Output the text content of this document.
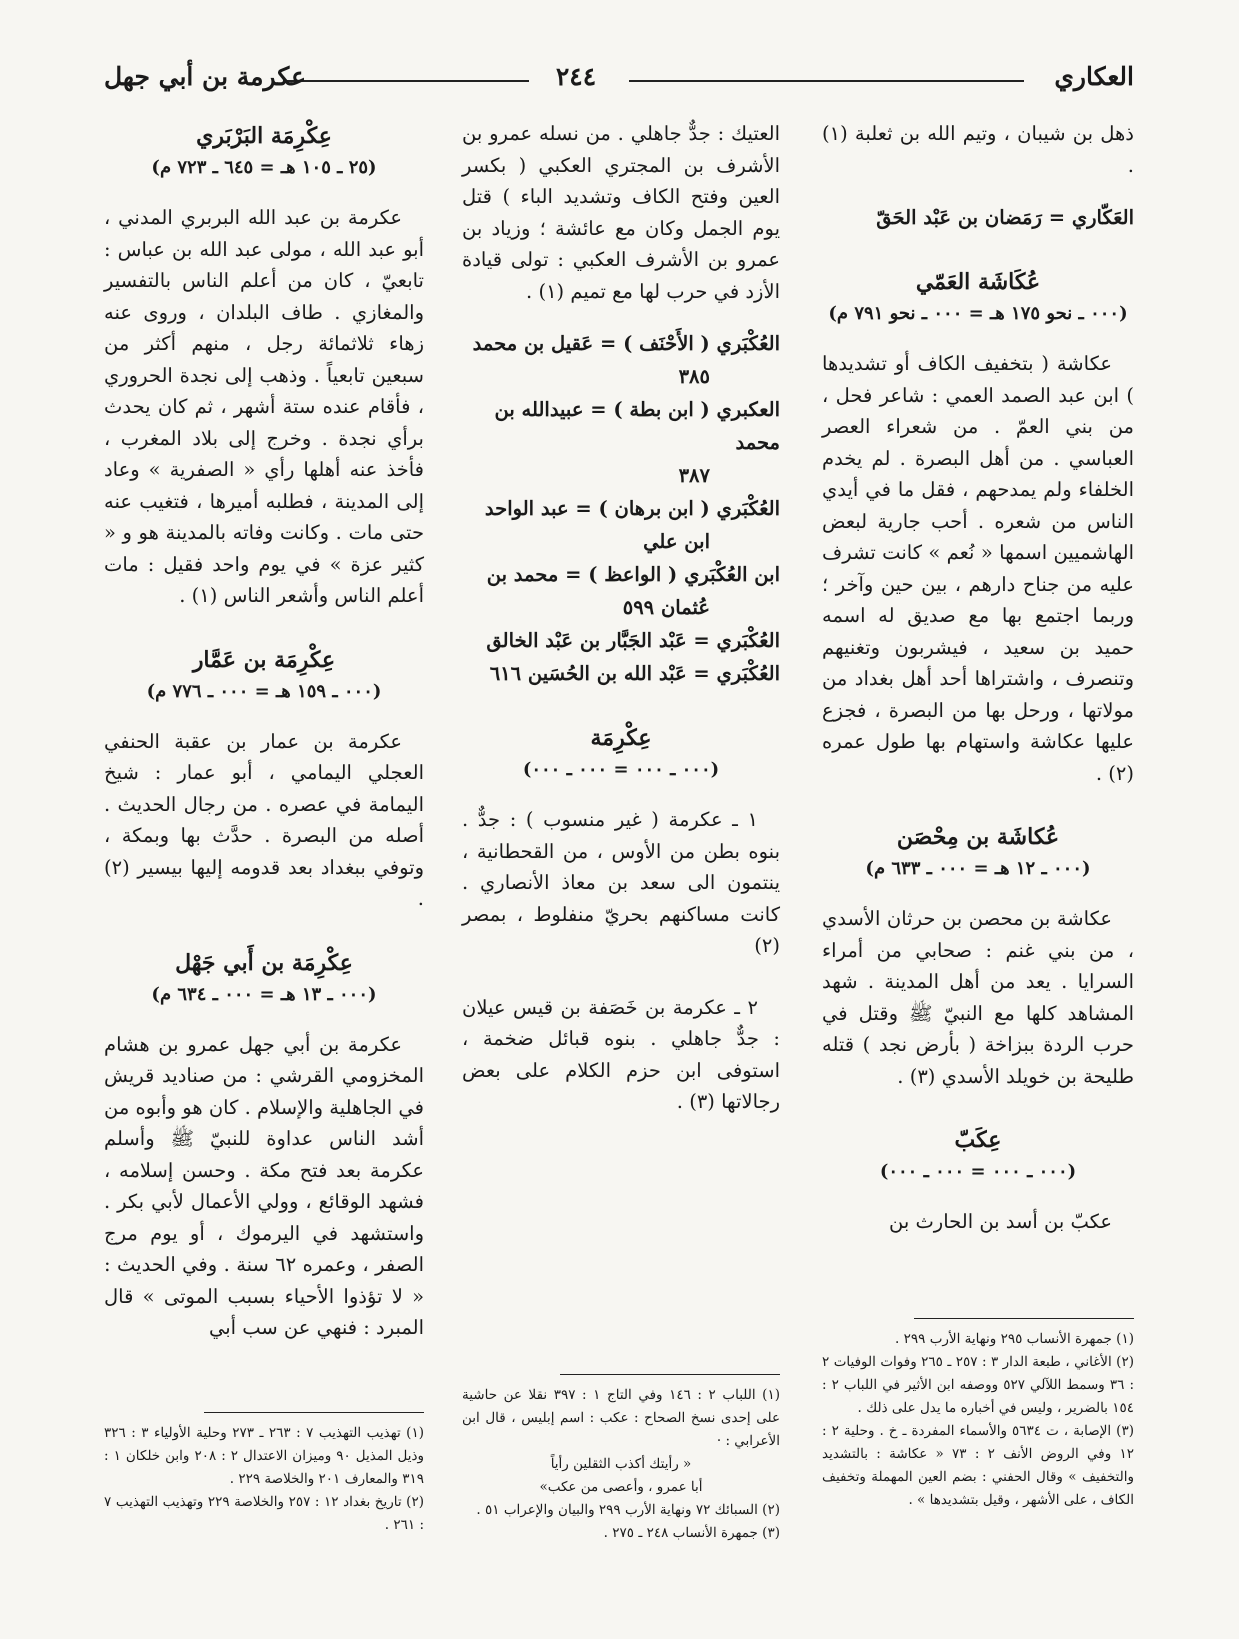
العكاري
٢٤٤
عكرمة بن أبي جهل

ذهل بن شيبان ، وتيم الله بن ثعلبة (١) .

العَكّاري = رَمَضان بن عَبْد الحَقّ

عُكَاشَة العَمّي

(٠٠٠ ـ نحو ١٧٥ هـ = ٠٠٠ ـ نحو ٧٩١ م)

عكاشة ( بتخفيف الكاف أو تشديدها ) ابن عبد الصمد العمي : شاعر فحل ، من بني العمّ . من شعراء العصر العباسي . من أهل البصرة . لم يخدم الخلفاء ولم يمدحهم ، فقل ما في أيدي الناس من شعره . أحب جارية لبعض الهاشميين اسمها « نُعم » كانت تشرف عليه من جناح دارهم ، بين حين وآخر ؛ وربما اجتمع بها مع صديق له اسمه حميد بن سعيد ، فيشربون وتغنيهم وتنصرف ، واشتراها أحد أهل بغداد من مولاتها ، ورحل بها من البصرة ، فجزع عليها عكاشة واستهام بها طول عمره (٢) .

عُكاشَة بن مِحْصَن

(٠٠٠ ـ ١٢ هـ = ٠٠٠ ـ ٦٣٣ م)

عكاشة بن محصن بن حرثان الأسدي ، من بني غنم : صحابي من أمراء السرايا . يعد من أهل المدينة . شهد المشاهد كلها مع النبيّ ﷺ وقتل في حرب الردة ببزاخة ( بأرض نجد ) قتله طليحة بن خويلد الأسدي (٣) .

عِكَبّ

(٠٠٠ ـ ٠٠٠ = ٠٠٠ ـ ٠٠٠)

عكبّ بن أسد بن الحارث بن

(١) جمهرة الأنساب ٢٩٥ ونهاية الأرب ٢٩٩ .
(٢) الأغاني ، طبعة الدار ٣ : ٢٥٧ ـ ٢٦٥ وفوات الوفيات ٢ : ٣٦ وسمط اللآلي ٥٢٧ ووصفه ابن الأثير في اللباب ٢ : ١٥٤ بالضرير ، وليس في أخباره ما يدل على ذلك .
(٣) الإصابة ، ت ٥٦٣٤ والأسماء المفردة ـ خ . وحلية ٢ : ١٢ وفي الروض الأنف ٢ : ٧٣ « عكاشة : بالتشديد والتخفيف » وقال الحفني : بضم العين المهملة وتخفيف الكاف ، على الأشهر ، وقيل بتشديدها » .

العتيك : جدٌّ جاهلي . من نسله عمرو بن الأشرف بن المجتري العكبي ( بكسر العين وفتح الكاف وتشديد الباء ) قتل يوم الجمل وكان مع عائشة ؛ وزياد بن عمرو بن الأشرف العكبي : تولى قيادة الأزد في حرب لها مع تميم (١) .

العُكْبَري ( الأَحْنَف ) = عَقيل بن محمد
٣٨٥
العكبري ( ابن بطة ) = عبيدالله بن محمد
٣٨٧
العُكْبَري ( ابن برهان ) = عبد الواحد
ابن علي
ابن العُكْبَري ( الواعظ ) = محمد بن
عُثمان ٥٩٩

العُكْبَري = عَبْد الجَبَّار بن عَبْد الخالق

العُكْبَري = عَبْد الله بن الحُسَين ٦١٦

عِكْرِمَة

(٠٠٠ ـ ٠٠٠ = ٠٠٠ ـ ٠٠٠)

١ ـ عكرمة ( غير منسوب ) : جدٌّ . بنوه بطن من الأوس ، من القحطانية ، ينتمون الى سعد بن معاذ الأنصاري . كانت مساكنهم بحريّ منفلوط ، بمصر (٢)

٢ ـ عكرمة بن خَصَفة بن قيس عيلان : جدٌّ جاهلي . بنوه قبائل ضخمة ، استوفى ابن حزم الكلام على بعض رجالاتها (٣) .

(١) اللباب ٢ : ١٤٦ وفي التاج ١ : ٣٩٧ نقلا عن حاشية على إحدى نسخ الصحاح : عكب : اسم إبليس ، قال ابن الأعرابي : ·
« رأيتك أكذب الثقلين رأياً
أبا عمرو ، وأعصى من عكب»
(٢) السبائك ٧٢ ونهاية الأرب ٢٩٩ والبيان والإعراب ٥١ .
(٣) جمهرة الأنساب ٢٤٨ ـ ٢٧٥ .
عِكْرِمَة البَرْبَري

(٢٥ ـ ١٠٥ هـ = ٦٤٥ ـ ٧٢٣ م)

عكرمة بن عبد الله البربري المدني ، أبو عبد الله ، مولى عبد الله بن عباس : تابعيّ ، كان من أعلم الناس بالتفسير والمغازي . طاف البلدان ، وروى عنه زهاء ثلاثمائة رجل ، منهم أكثر من سبعين تابعياً . وذهب إلى نجدة الحروري ، فأقام عنده ستة أشهر ، ثم كان يحدث برأي نجدة . وخرج إلى بلاد المغرب ، فأخذ عنه أهلها رأي « الصفرية » وعاد إلى المدينة ، فطلبه أميرها ، فتغيب عنه حتى مات . وكانت وفاته بالمدينة هو و « كثير عزة » في يوم واحد فقيل : مات أعلم الناس وأشعر الناس (١) .

عِكْرِمَة بن عَمَّار

(٠٠٠ ـ ١٥٩ هـ = ٠٠٠ ـ ٧٧٦ م)

عكرمة بن عمار بن عقبة الحنفي العجلي اليمامي ، أبو عمار : شيخ اليمامة في عصره . من رجال الحديث . أصله من البصرة . حدَّث بها وبمكة ، وتوفي ببغداد بعد قدومه إليها بيسير (٢) .

عِكْرِمَة بن أَبي جَهْل

(٠٠٠ ـ ١٣ هـ = ٠٠٠ ـ ٦٣٤ م)

عكرمة بن أبي جهل عمرو بن هشام المخزومي القرشي : من صناديد قريش في الجاهلية والإسلام . كان هو وأبوه من أشد الناس عداوة للنبيّ ﷺ وأسلم عكرمة بعد فتح مكة . وحسن إسلامه ، فشهد الوقائع ، وولي الأعمال لأبي بكر . واستشهد في اليرموك ، أو يوم مرج الصفر ، وعمره ٦٢ سنة . وفي الحديث : « لا تؤذوا الأحياء بسبب الموتى » قال المبرد : فنهي عن سب أبي

(١) تهذيب التهذيب ٧ : ٢٦٣ ـ ٢٧٣ وحلية الأولياء ٣ : ٣٢٦ وذيل المذيل ٩٠ وميزان الاعتدال ٢ : ٢٠٨ وابن خلكان ١ : ٣١٩ والمعارف ٢٠١ والخلاصة ٢٢٩ .
(٢) تاريخ بغداد ١٢ : ٢٥٧ والخلاصة ٢٢٩ وتهذيب التهذيب ٧ : ٢٦١ .
